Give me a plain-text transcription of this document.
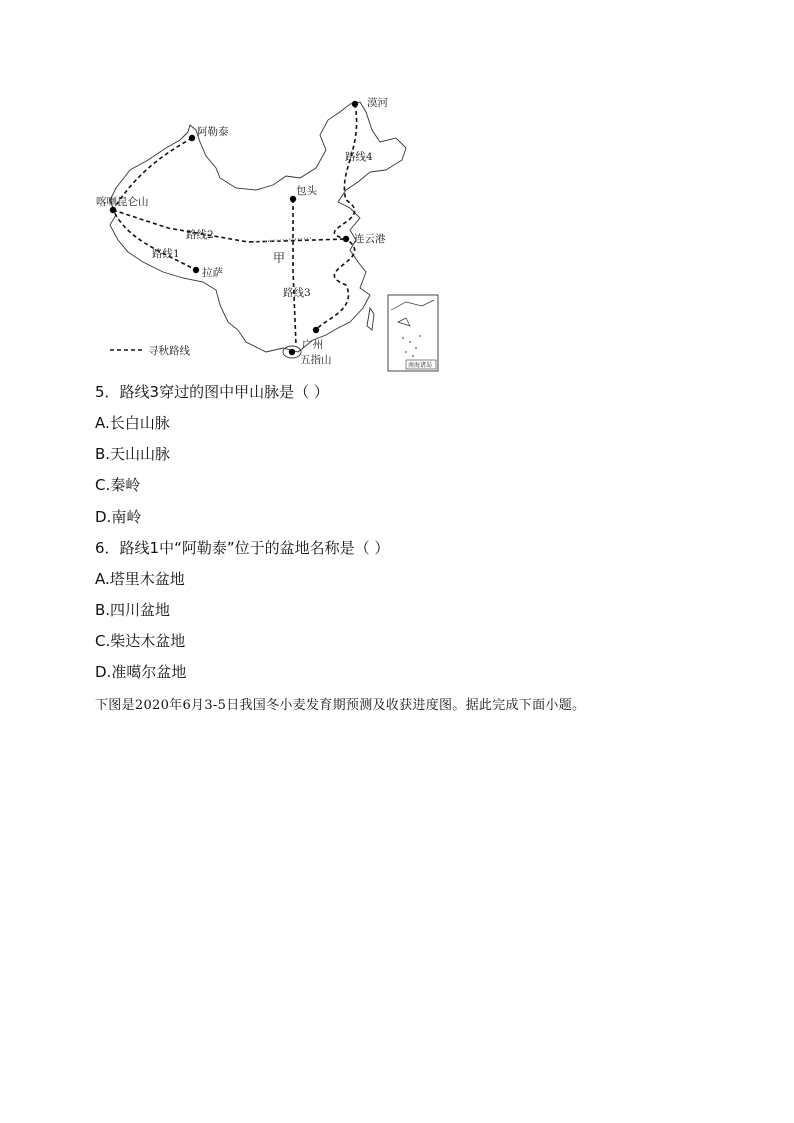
漠河
阿勒泰
喀喇昆仑山
包头
连云港
拉萨
广州
五指山
甲
路线1
路线2
路线3
路线4
寻秋路线
南海诸岛
5．路线3穿过的图中甲山脉是（ ）
A.长白山脉
B.天山山脉
C.秦岭
D.南岭
6．路线1中“阿勒泰”位于的盆地名称是（ ）
A.塔里木盆地
B.四川盆地
C.柴达木盆地
D.准噶尔盆地
下图是2020年6月3-5日我国冬小麦发育期预测及收获进度图。据此完成下面小题。
